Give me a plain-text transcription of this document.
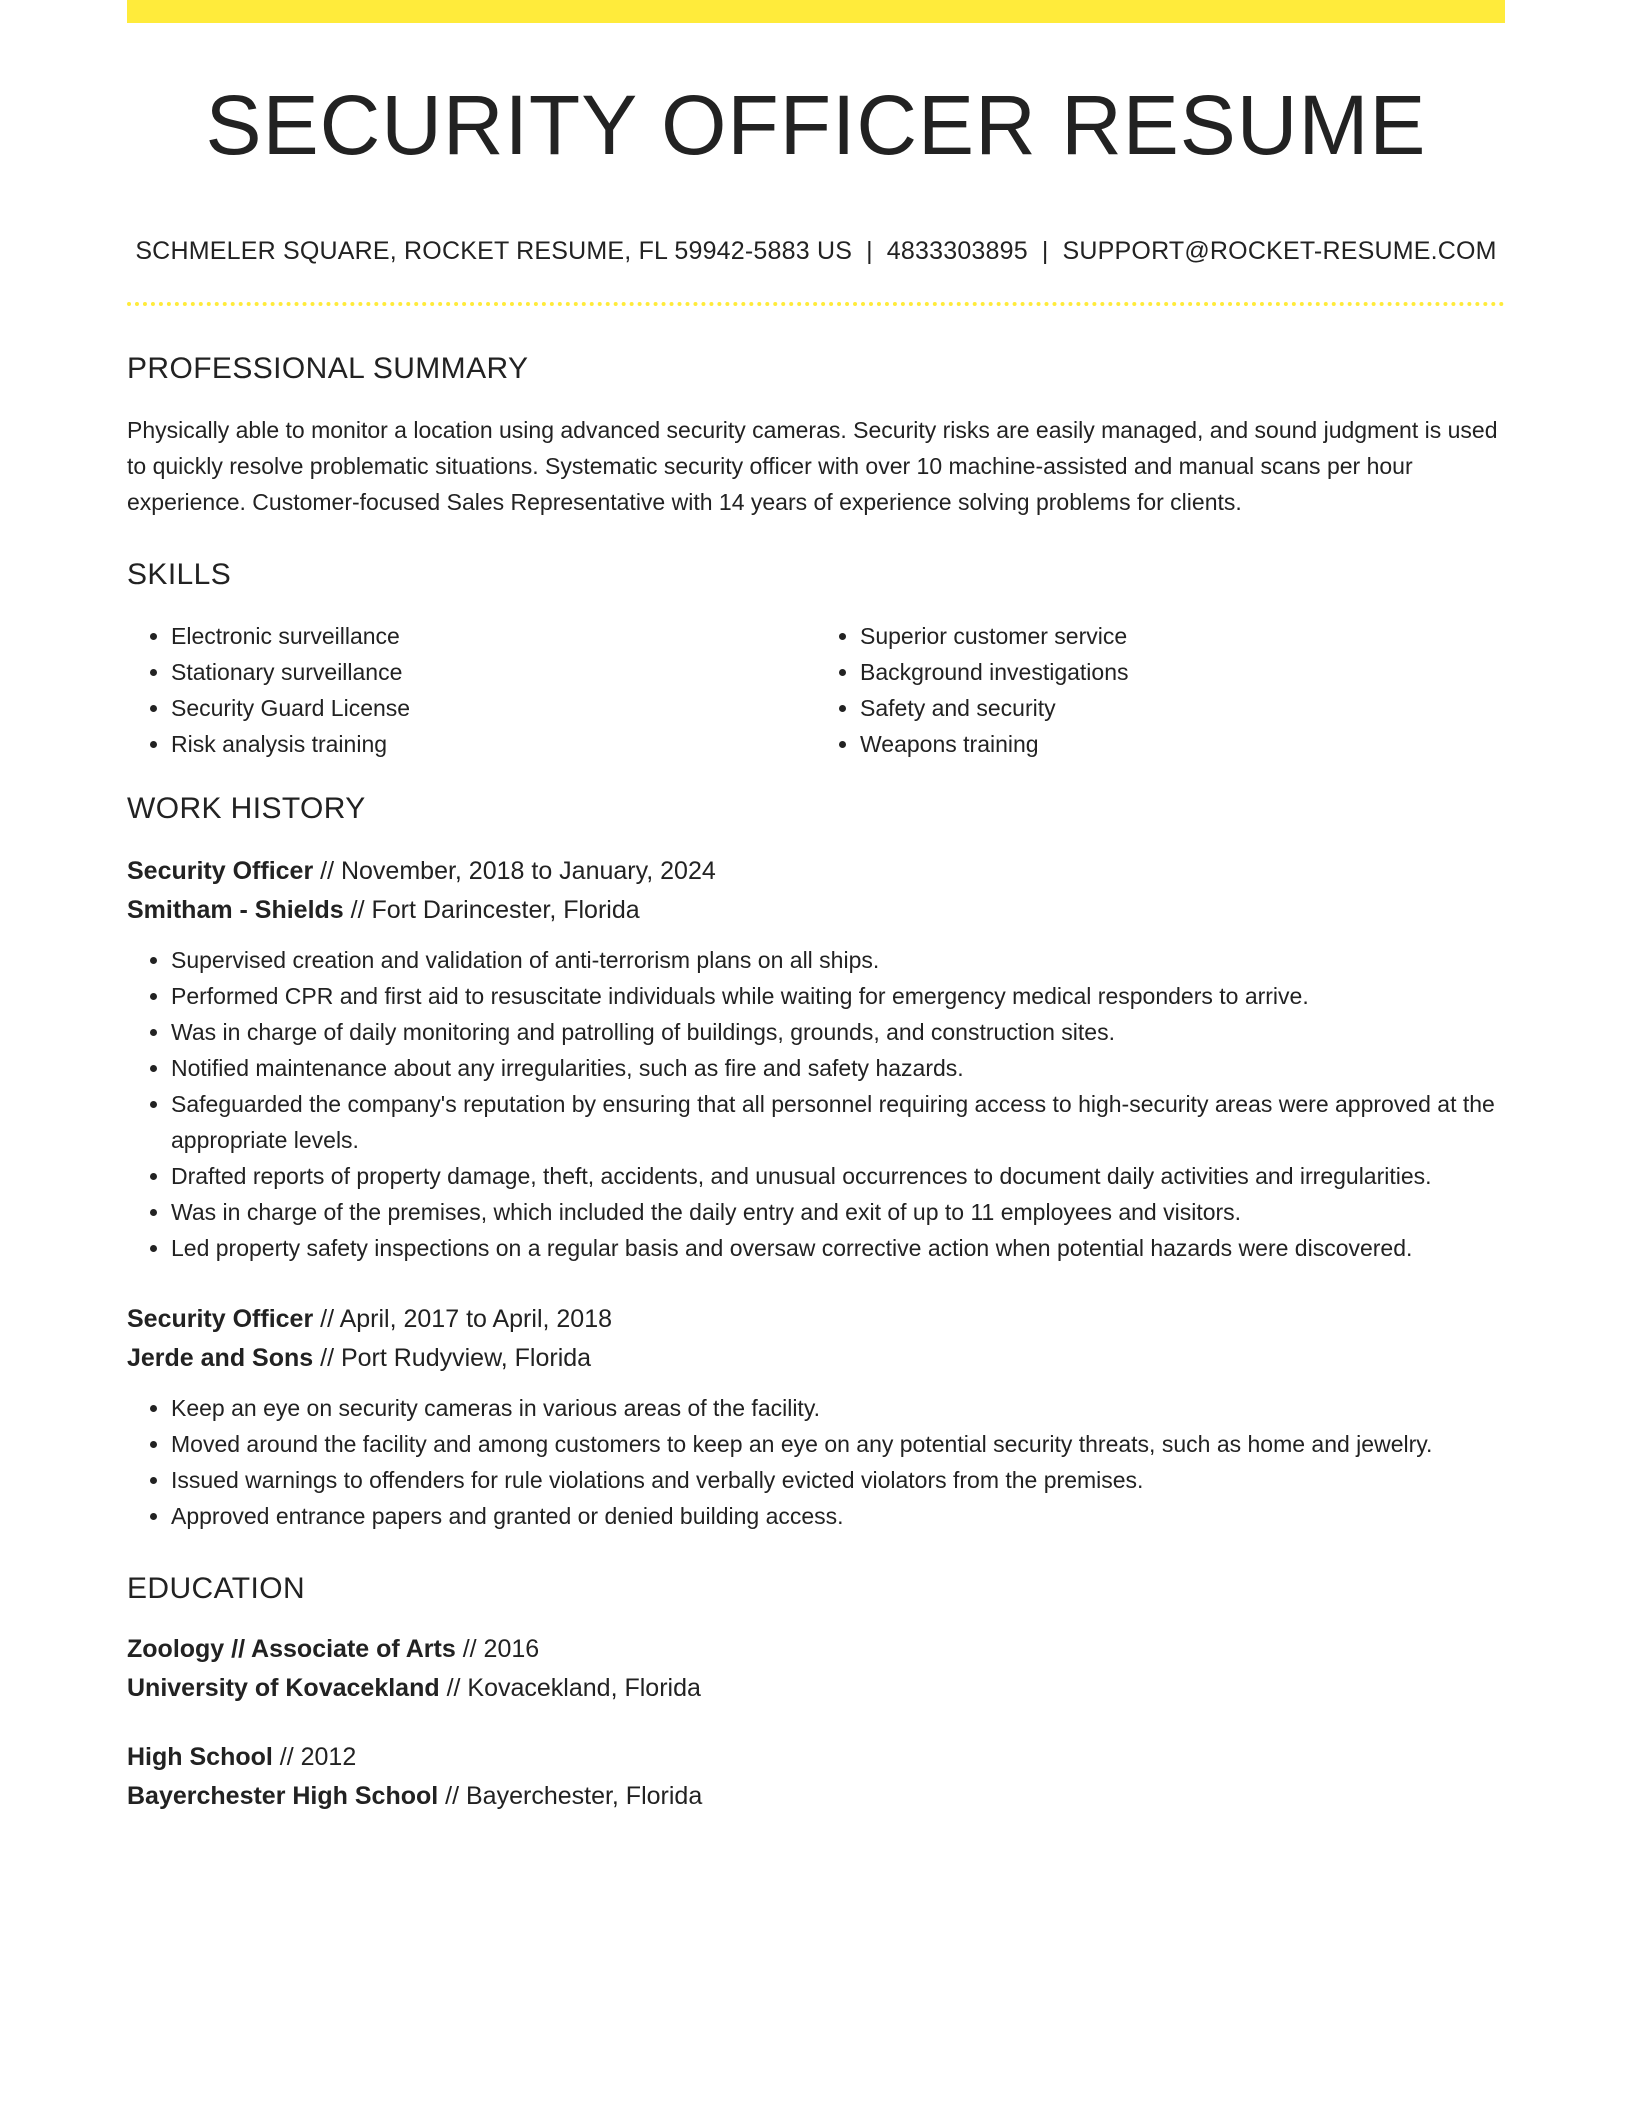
SECURITY OFFICER RESUME
SCHMELER SQUARE, ROCKET RESUME, FL 59942-5883 US | 4833303895 | SUPPORT@ROCKET-RESUME.COM
PROFESSIONAL SUMMARY

Physically able to monitor a location using advanced security cameras. Security risks are easily managed, and sound judgment is used to quickly resolve problematic situations. Systematic security officer with over 10 machine-assisted and manual scans per hour experience. Customer-focused Sales Representative with 14 years of experience solving problems for clients.

SKILLS
• Electronic surveillance
• Stationary surveillance
• Security Guard License
• Risk analysis training
• Superior customer service
• Background investigations
• Safety and security
• Weapons training
WORK HISTORY
Security Officer // November, 2018 to January, 2024
Smitham - Shields // Fort Darincester, Florida
• Supervised creation and validation of anti-terrorism plans on all ships.
• Performed CPR and first aid to resuscitate individuals while waiting for emergency medical responders to arrive.
• Was in charge of daily monitoring and patrolling of buildings, grounds, and construction sites.
• Notified maintenance about any irregularities, such as fire and safety hazards.
• Safeguarded the company's reputation by ensuring that all personnel requiring access to high-security areas were approved at the appropriate levels.
• Drafted reports of property damage, theft, accidents, and unusual occurrences to document daily activities and irregularities.
• Was in charge of the premises, which included the daily entry and exit of up to 11 employees and visitors.
• Led property safety inspections on a regular basis and oversaw corrective action when potential hazards were discovered.
Security Officer // April, 2017 to April, 2018
Jerde and Sons // Port Rudyview, Florida
• Keep an eye on security cameras in various areas of the facility.
• Moved around the facility and among customers to keep an eye on any potential security threats, such as home and jewelry.
• Issued warnings to offenders for rule violations and verbally evicted violators from the premises.
• Approved entrance papers and granted or denied building access.
EDUCATION
Zoology // Associate of Arts // 2016
University of Kovacekland // Kovacekland, Florida
High School // 2012
Bayerchester High School // Bayerchester, Florida
